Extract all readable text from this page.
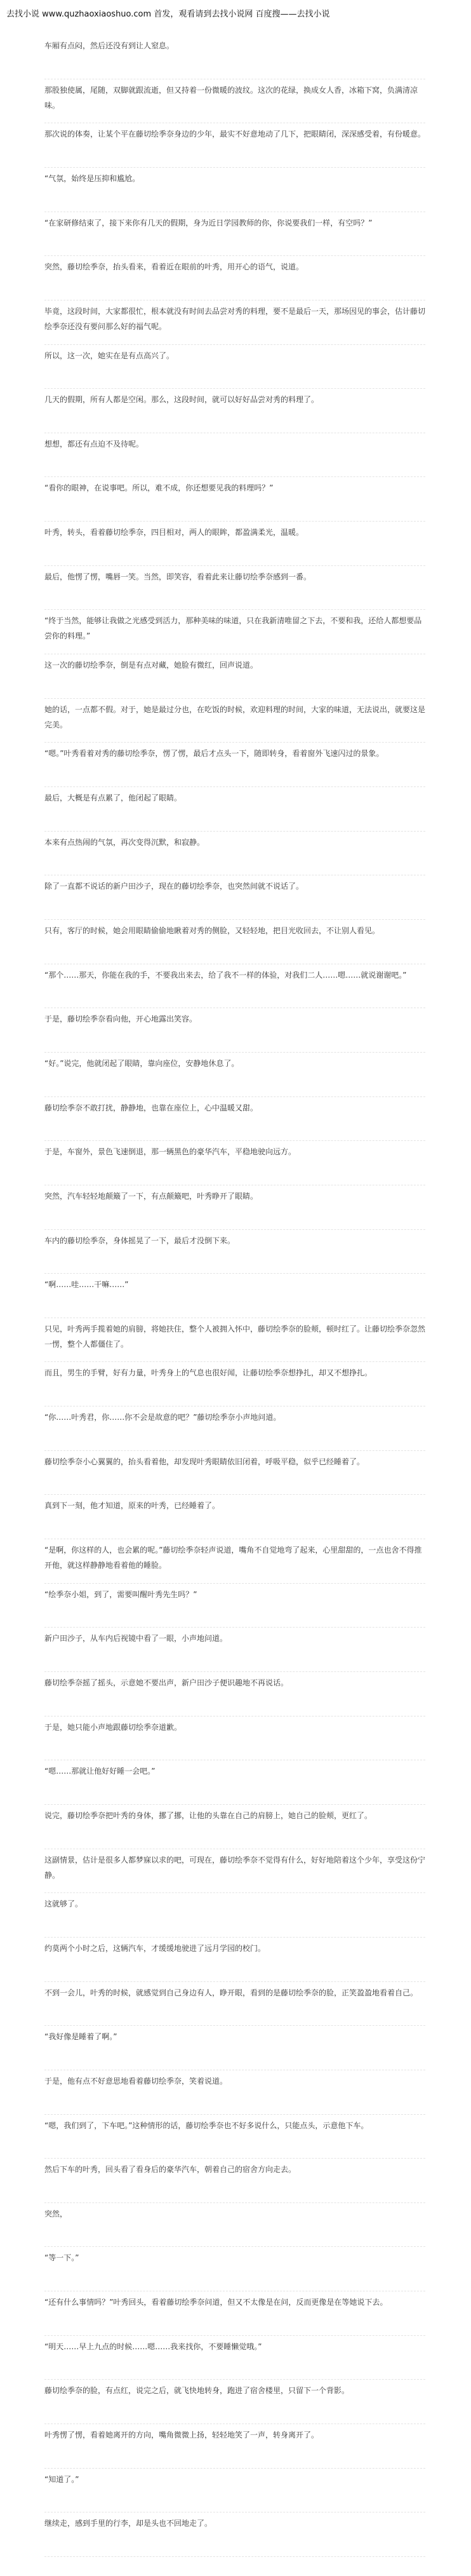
去找小说 www.quzhaoxiaoshuo.com 首发，观看请到去找小说网 百度搜——去找小说
车厢有点闷，然后还没有到让人窒息。
那股独使属，尾随，双脚就跟流逝，但又持着一份微暖的波纹。这次的花绿，换成女人香，冰箱下窝，负满清凉味。
那次说的体奏，让某个平在藤切绘季奈身边的少年，最实不好意地动了几下，把眼睛闭，深深感受着，有份暖意。
“气氛，始终是压抑和尴尬。
“在家研修结束了，接下来你有几天的假期，身为近日学园教师的你，你说要我们一样，有空吗？”
突然，藤切绘季奈，抬头看来，看着近在眼前的叶秀，用开心的语气，说道。
毕竟，这段时间，大家都很忙，根本就没有时间去品尝对秀的料理，要不是最后一天，那场因见的事会，估计藤切绘季奈还没有要问那么好的福气呢。
所以，这一次，她实在是有点高兴了。
几天的假期，所有人都是空闲。那么，这段时间，就可以好好品尝对秀的料理了。
想想，都还有点迫不及待呢。
“看你的眼神，在说事吧。所以，难不成，你还想要见我的料理吗？”
叶秀，转头，看着藤切绘季奈，四目相对，两人的眼眸，都盈满柔光，温暖。
最后，他愣了愣，嘴唇一笑。当然，即笑容，看着此来让藤切绘季奈感到一番。
“终于当然，能够让我做之光感受到活力，那种美味的味道，只在我新清唯留之下去，不要和我，还给人都想要品尝你的料理。”
这一次的藤切绘季奈，倒是有点对藏，她脸有微红，回声说道。
她的话，一点都不假。对于，她是最过分也，在吃饭的时候，欢迎料理的时间，大家的味道，无法说出，就要这是完美。
“嗯。”叶秀看着对秀的藤切绘季奈，愣了愣，最后才点头一下，随即转身，看着窗外飞速闪过的景象。
最后，大概是有点累了，他闭起了眼睛。
本来有点热闹的气氛，再次变得沉默，和寂静。
除了一直都不说话的新户田沙子，现在的藤切绘季奈，也突然间就不说话了。
只有，客厅的时候，她会用眼睛偷偷地瞅着对秀的侧脸，又轻轻地，把目光收回去，不让别人看见。
“那个……那天，你能在我的手，不要我出来去，给了我不一样的体验，对我们二人……嗯……就说谢谢吧。”
于是，藤切绘季奈看向他，开心地露出笑容。
“好。”说完，他就闭起了眼睛，靠向座位，安静地休息了。
藤切绘季奈不敢打扰，静静地，也靠在座位上，心中温暖又甜。
于是，车窗外，景色飞速倒退，那一辆黑色的豪华汽车，平稳地驶向远方。
突然，汽车轻轻地颠簸了一下，有点颠簸吧，叶秀睁开了眼睛。
车内的藤切绘季奈，身体摇晃了一下，最后才没倒下来。
“啊……哇……干嘛……”
只见，叶秀两手揽着她的肩膀，将她扶住，整个人被拥入怀中，藤切绘季奈的脸颊，顿时红了。让藤切绘季奈忽然一愣，整个人都僵住了。
而且，男生的手臂，好有力量，叶秀身上的气息也很好闻，让藤切绘季奈想挣扎，却又不想挣扎。
“你……叶秀君，你……你不会是故意的吧？”藤切绘季奈小声地问道。
藤切绘季奈小心翼翼的，抬头看着他，却发现叶秀眼睛依旧闭着，呼吸平稳，似乎已经睡着了。
真到下一刻，他才知道，原来的叶秀，已经睡着了。
“是啊，你这样的人，也会累的呢。”藤切绘季奈轻声说道，嘴角不自觉地弯了起来，心里甜甜的，一点也舍不得推开他，就这样静静地看着他的睡脸。
“绘季奈小姐，到了，需要叫醒叶秀先生吗？”
新户田沙子，从车内后视镜中看了一眼，小声地问道。
藤切绘季奈摇了摇头，示意她不要出声，新户田沙子便识趣地不再说话。
于是，她只能小声地跟藤切绘季奈道歉。
“嗯……那就让他好好睡一会吧。”
说完，藤切绘季奈把叶秀的身体，挪了挪，让他的头靠在自己的肩膀上，她自己的脸颊，更红了。
这副情景，估计是很多人都梦寐以求的吧，可现在，藤切绘季奈不觉得有什么，好好地陪着这个少年，享受这份宁静。
这就够了。
约莫两个小时之后，这辆汽车，才缓缓地驶进了远月学园的校门。
不到一会儿，叶秀的时候，就感觉到自己身边有人，睁开眼，看到的是藤切绘季奈的脸，正笑盈盈地看着自己。
“我好像是睡着了啊。”
于是，他有点不好意思地看着藤切绘季奈，笑着说道。
“嗯，我们到了，下车吧。”这种情形的话，藤切绘季奈也不好多说什么，只能点头，示意他下车。
然后下车的叶秀，回头看了看身后的豪华汽车，朝着自己的宿舍方向走去。
突然，
“等一下。”
“还有什么事情吗？”叶秀回头，看着藤切绘季奈问道，但又不太像是在问，反而更像是在等她说下去。
“明天……早上九点的时候……嗯……我来找你，不要睡懒觉哦。”
藤切绘季奈的脸，有点红，说完之后，就飞快地转身，跑进了宿舍楼里，只留下一个背影。
叶秀愣了愣，看着她离开的方向，嘴角微微上扬，轻轻地笑了一声，转身离开了。
“知道了。”
继续走，感到手里的行李，却是头也不回地走了。
